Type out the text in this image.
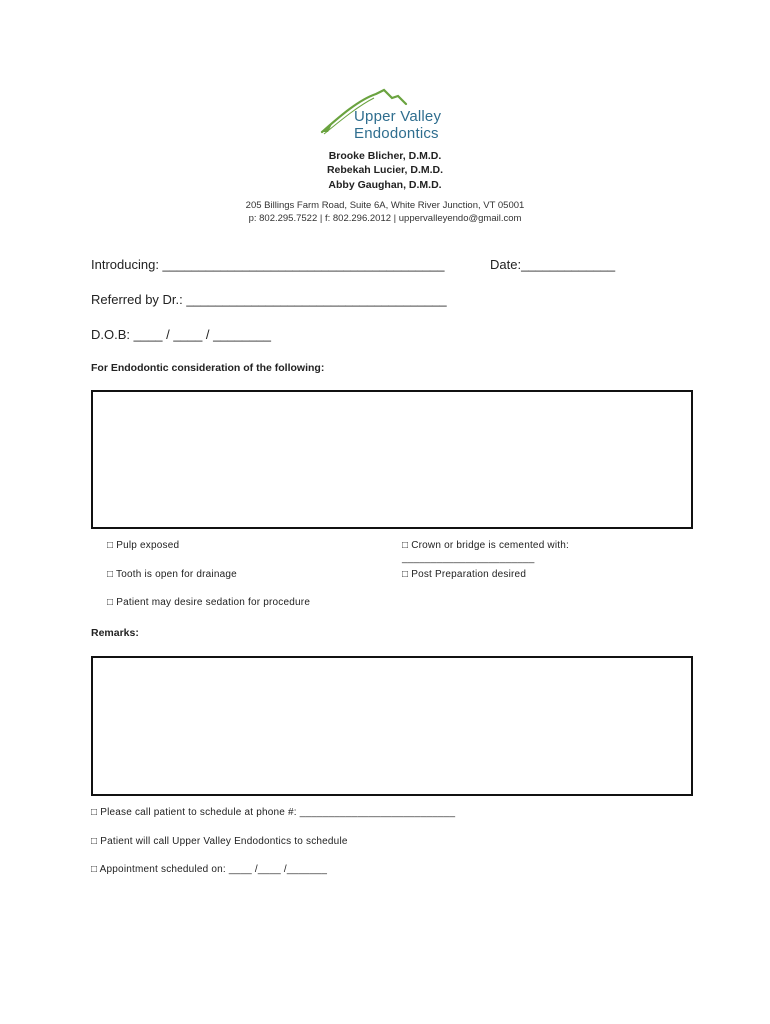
Upper Valley
Endodontics
Brooke Blicher, D.M.D.
Rebekah Lucier, D.M.D.
Abby Gaughan, D.M.D.
205 Billings Farm Road, Suite 6A, White River Junction, VT 05001
p: 802.295.7522 | f: 802.296.2012 | uppervalleyendo@gmail.com
Introducing: _______________________________________	Date:_____________
Referred by Dr.: ____________________________________
D.O.B: ____ / ____ / ________
For Endodontic consideration of the following:
□ Pulp exposed	□ Crown or bridge is cemented with:
_______________________
□ Tooth is open for drainage	□ Post Preparation desired
□ Patient may desire sedation for procedure
Remarks:
□ Please call patient to schedule at phone #: ___________________________
□ Patient will call Upper Valley Endodontics to schedule
□ Appointment scheduled on: ____ /____ /_______
